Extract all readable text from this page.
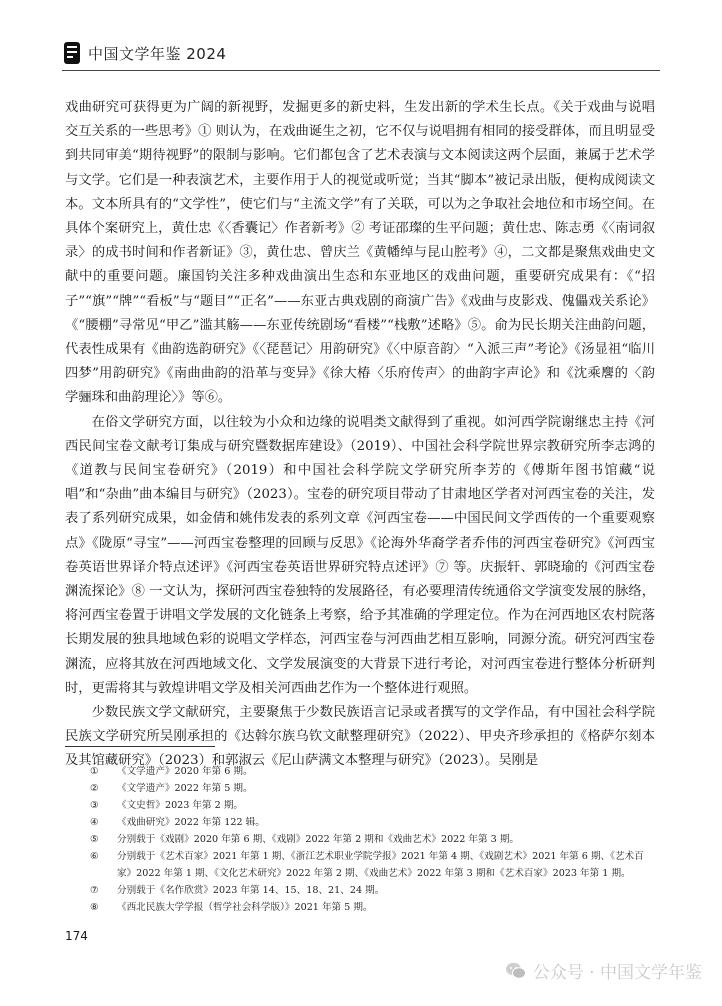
中国文学年鉴 2024

戏曲研究可获得更为广阔的新视野，发掘更多的新史料，生发出新的学术生长点。《关于戏曲与说唱交互关系的一些思考》① 则认为，在戏曲诞生之初，它不仅与说唱拥有相同的接受群体，而且明显受到共同审美“期待视野”的限制与影响。它们都包含了艺术表演与文本阅读这两个层面，兼属于艺术学与文学。它们是一种表演艺术，主要作用于人的视觉或听觉；当其“脚本”被记录出版，便构成阅读文本。文本所具有的“文学性”，使它们与“主流文学”有了关联，可以为之争取社会地位和市场空间。在具体个案研究上，黄仕忠《〈香囊记〉作者新考》② 考证邵璨的生平问题；黄仕忠、陈志勇《〈南词叙录〉的成书时间和作者新证》③，黄仕忠、曾庆兰《黄幡绰与昆山腔考》④，二文都是聚焦戏曲史文献中的重要问题。廉国钧关注多种戏曲演出生态和东亚地区的戏曲问题，重要研究成果有：《“招子”“旗”“牌”“看板”与“题目”“正名”——东亚古典戏剧的商演广告》《戏曲与皮影戏、傀儡戏关系论》《“腰棚”寻常见“甲乙”滥其觞——东亚传统剧场“看楼”“栈敷”述略》⑤。俞为民长期关注曲韵问题，代表性成果有《曲韵选韵研究》《〈琵琶记〉用韵研究》《〈中原音韵〉“入派三声”考论》《汤显祖“临川四梦”用韵研究》《南曲曲韵的沿革与变异》《徐大椿〈乐府传声〉的曲韵字声论》和《沈乘麐的〈韵学骊珠和曲韵理论〉》等⑥。

在俗文学研究方面，以往较为小众和边缘的说唱类文献得到了重视。如河西学院谢继忠主持《河西民间宝卷文献考订集成与研究暨数据库建设》（2019）、中国社会科学院世界宗教研究所李志鸿的《道教与民间宝卷研究》（2019）和中国社会科学院文学研究所李芳的《傅斯年图书馆藏“说唱”和“杂曲”曲本编目与研究》（2023）。宝卷的研究项目带动了甘肃地区学者对河西宝卷的关注，发表了系列研究成果，如金倩和姚伟发表的系列文章《河西宝卷——中国民间文学西传的一个重要观察点》《陇原“寻宝”——河西宝卷整理的回顾与反思》《论海外华裔学者乔伟的河西宝卷研究》《河西宝卷英语世界译介特点述评》《河西宝卷英语世界研究特点述评》⑦ 等。庆振轩、郭晓瑜的《河西宝卷渊流探论》⑧ 一文认为，探研河西宝卷独特的发展路径，有必要理清传统通俗文学演变发展的脉络，将河西宝卷置于讲唱文学发展的文化链条上考察，给予其准确的学理定位。作为在河西地区农村院落长期发展的独具地域色彩的说唱文学样态，河西宝卷与河西曲艺相互影响，同源分流。研究河西宝卷渊流，应将其放在河西地域文化、文学发展演变的大背景下进行考论，对河西宝卷进行整体分析研判时，更需将其与敦煌讲唱文学及相关河西曲艺作为一个整体进行观照。

少数民族文学文献研究，主要聚焦于少数民族语言记录或者撰写的文学作品，有中国社会科学院民族文学研究所吴刚承担的《达斡尔族乌钦文献整理研究》（2022）、甲央齐珍承担的《格萨尔刻本及其馆藏研究》（2023）和郭淑云《尼山萨满文本整理与研究》（2023）。吴刚是

①	《文学遗产》2020 年第 6 期。
②	《文学遗产》2022 年第 5 期。
③	《文史哲》2023 年第 2 期。
④	《戏曲研究》2022 年第 122 辑。
⑤	分别载于《戏剧》2020 年第 6 期、《戏剧》2022 年第 2 期和《戏曲艺术》2022 年第 3 期。
⑥	分别载于《艺术百家》2021 年第 1 期、《浙江艺术职业学院学报》2021 年第 4 期、《戏剧艺术》2021 年第 6 期、《艺术百家》2022 年第 1 期、《文化艺术研究》2022 年第 2 期、《戏曲艺术》2022 年第 3 期和《艺术百家》2023 年第 1 期。
⑦	分别载于《名作欣赏》2023 年第 14、15、18、21、24 期。
⑧	《西北民族大学学报（哲学社会科学版）》2021 年第 5 期。
174
公众号 · 中国文学年鉴
